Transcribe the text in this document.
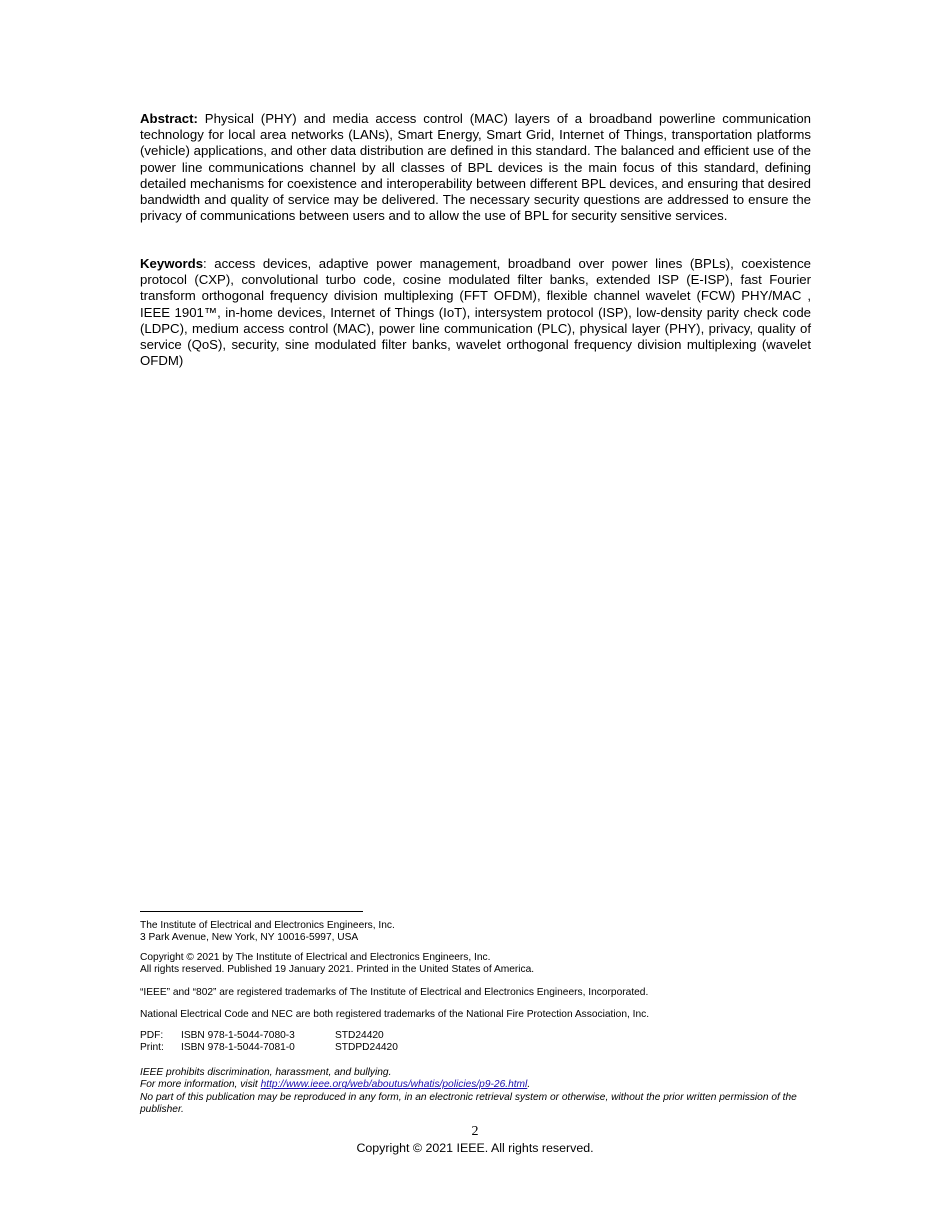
Abstract: Physical (PHY) and media access control (MAC) layers of a broadband powerline communication technology for local area networks (LANs), Smart Energy, Smart Grid, Internet of Things, transportation platforms (vehicle) applications, and other data distribution are defined in this standard. The balanced and efficient use of the power line communications channel by all classes of BPL devices is the main focus of this standard, defining detailed mechanisms for coexistence and interoperability between different BPL devices, and ensuring that desired bandwidth and quality of service may be delivered. The necessary security questions are addressed to ensure the privacy of communications between users and to allow the use of BPL for security sensitive services.

Keywords: access devices, adaptive power management, broadband over power lines (BPLs), coexistence protocol (CXP), convolutional turbo code, cosine modulated filter banks, extended ISP (E-ISP), fast Fourier transform orthogonal frequency division multiplexing (FFT OFDM), flexible channel wavelet (FCW) PHY/MAC , IEEE 1901™, in-home devices, Internet of Things (IoT), intersystem protocol (ISP), low-density parity check code (LDPC), medium access control (MAC), power line communication (PLC), physical layer (PHY), privacy, quality of service (QoS), security, sine modulated filter banks, wavelet orthogonal frequency division multiplexing (wavelet OFDM)

The Institute of Electrical and Electronics Engineers, Inc.
3 Park Avenue, New York, NY 10016-5997, USA
Copyright © 2021 by The Institute of Electrical and Electronics Engineers, Inc.
All rights reserved. Published 19 January 2021. Printed in the United States of America.
“IEEE” and “802” are registered trademarks of The Institute of Electrical and Electronics Engineers, Incorporated.
National Electrical Code and NEC are both registered trademarks of the National Fire Protection Association, Inc.
PDF:	ISBN 978-1-5044-7080-3	STD24420
Print:	ISBN 978-1-5044-7081-0	STDPD24420
IEEE prohibits discrimination, harassment, and bullying.
For more information, visit http://www.ieee.org/web/aboutus/whatis/policies/p9-26.html.
No part of this publication may be reproduced in any form, in an electronic retrieval system or otherwise, without the prior written permission of the publisher.
2
Copyright © 2021 IEEE. All rights reserved.
